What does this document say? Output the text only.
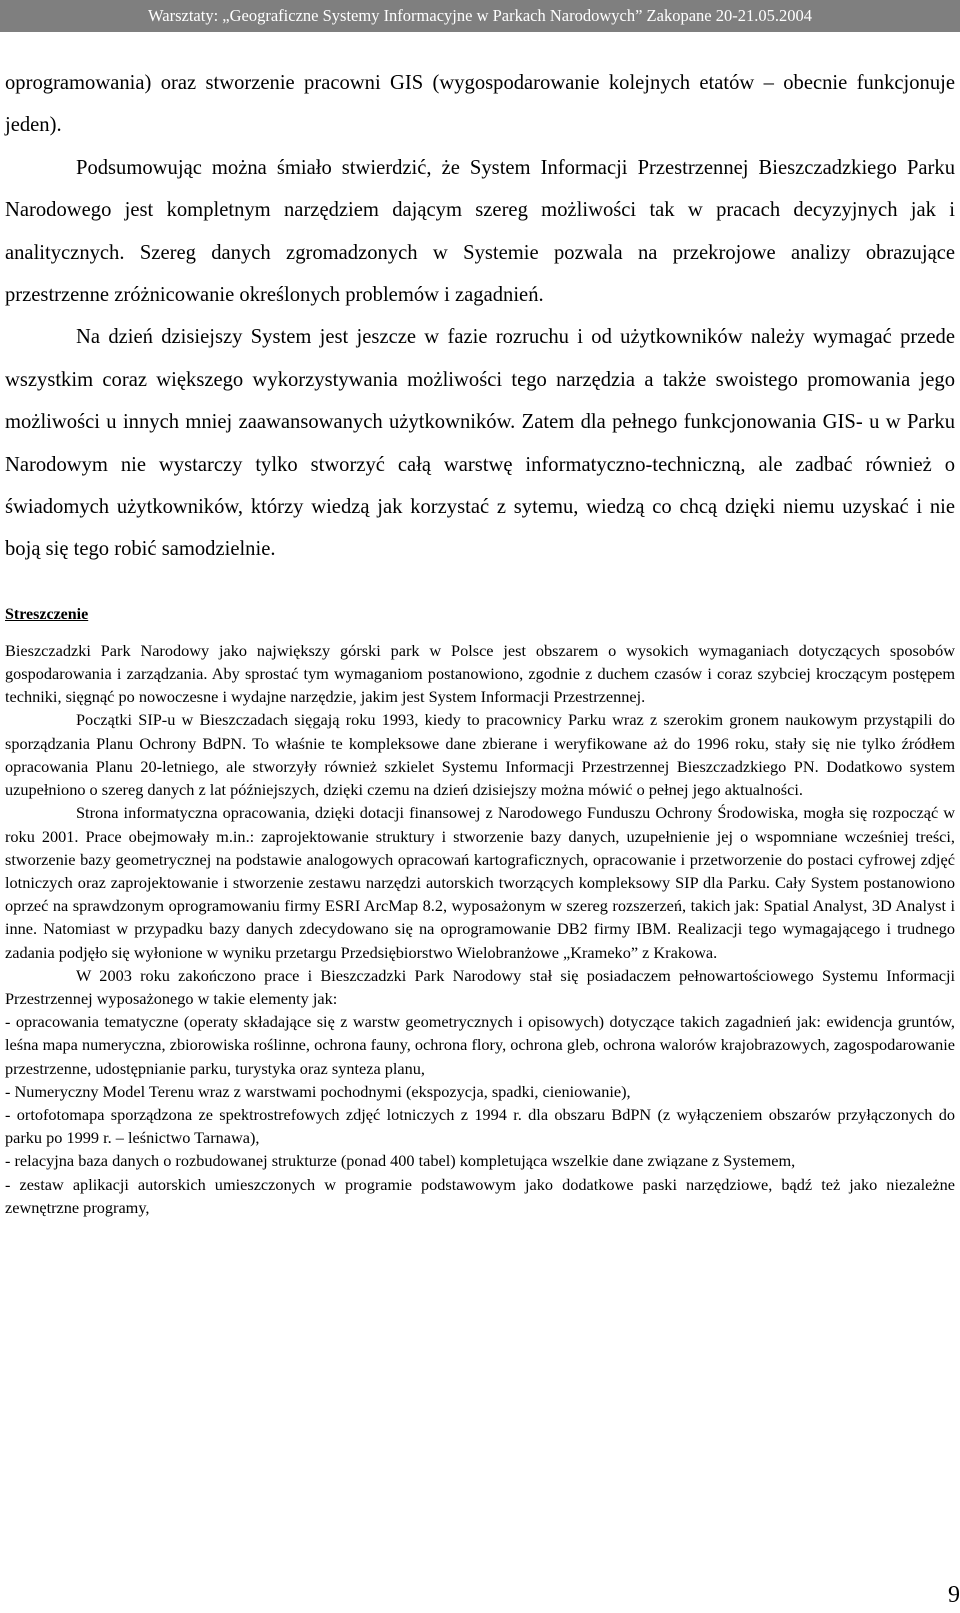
Warsztaty: „Geograficzne Systemy Informacyjne w Parkach Narodowych” Zakopane 20-21.05.2004

oprogramowania) oraz stworzenie pracowni GIS (wygospodarowanie kolejnych etatów – obecnie funkcjonuje jeden).

Podsumowując można śmiało stwierdzić, że System Informacji Przestrzennej Bieszczadzkiego Parku Narodowego jest kompletnym narzędziem dającym szereg możliwości tak w pracach decyzyjnych jak i analitycznych. Szereg danych zgromadzonych w Systemie pozwala na przekrojowe analizy obrazujące przestrzenne zróżnicowanie określonych problemów i zagadnień.

Na dzień dzisiejszy System jest jeszcze w fazie rozruchu i od użytkowników należy wymagać przede wszystkim coraz większego wykorzystywania możliwości tego narzędzia a także swoistego promowania jego możliwości u innych mniej zaawansowanych użytkowników. Zatem dla pełnego funkcjonowania GIS- u w Parku Narodowym nie wystarczy tylko stworzyć całą warstwę informatyczno-techniczną, ale zadbać również o świadomych użytkowników, którzy wiedzą jak korzystać z sytemu, wiedzą co chcą dzięki niemu uzyskać i nie boją się tego robić samodzielnie.

Streszczenie

Bieszczadzki Park Narodowy jako największy górski park w Polsce jest obszarem o wysokich wymaganiach dotyczących sposobów gospodarowania i zarządzania. Aby sprostać tym wymaganiom postanowiono, zgodnie z duchem czasów i coraz szybciej kroczącym postępem techniki, sięgnąć po nowoczesne i wydajne narzędzie, jakim jest System Informacji Przestrzennej.

Początki SIP-u w Bieszczadach sięgają roku 1993, kiedy to pracownicy Parku wraz z szerokim gronem naukowym przystąpili do sporządzania Planu Ochrony BdPN. To właśnie te kompleksowe dane zbierane i weryfikowane aż do 1996 roku, stały się nie tylko źródłem opracowania Planu 20-letniego, ale stworzyły również szkielet Systemu Informacji Przestrzennej Bieszczadzkiego PN. Dodatkowo system uzupełniono o szereg danych z lat późniejszych, dzięki czemu na dzień dzisiejszy można mówić o pełnej jego aktualności.

Strona informatyczna opracowania, dzięki dotacji finansowej z Narodowego Funduszu Ochrony Środowiska, mogła się rozpocząć w roku 2001. Prace obejmowały m.in.: zaprojektowanie struktury i stworzenie bazy danych, uzupełnienie jej o wspomniane wcześniej treści, stworzenie bazy geometrycznej na podstawie analogowych opracowań kartograficznych, opracowanie i przetworzenie do postaci cyfrowej zdjęć lotniczych oraz zaprojektowanie i stworzenie zestawu narzędzi autorskich tworzących kompleksowy SIP dla Parku. Cały System postanowiono oprzeć na sprawdzonym oprogramowaniu firmy ESRI ArcMap 8.2, wyposażonym w szereg rozszerzeń, takich jak: Spatial Analyst, 3D Analyst i inne. Natomiast w przypadku bazy danych zdecydowano się na oprogramowanie DB2 firmy IBM. Realizacji tego wymagającego i trudnego zadania podjęło się wyłonione w wyniku przetargu Przedsiębiorstwo Wielobranżowe „Krameko” z Krakowa.

W 2003 roku zakończono prace i Bieszczadzki Park Narodowy stał się posiadaczem pełnowartościowego Systemu Informacji Przestrzennej wyposażonego w takie elementy jak:

- opracowania tematyczne (operaty składające się z warstw geometrycznych i opisowych) dotyczące takich zagadnień jak: ewidencja gruntów, leśna mapa numeryczna, zbiorowiska roślinne, ochrona fauny, ochrona flory, ochrona gleb, ochrona walorów krajobrazowych, zagospodarowanie przestrzenne, udostępnianie parku, turystyka oraz synteza planu,

- Numeryczny Model Terenu wraz z warstwami pochodnymi (ekspozycja, spadki, cieniowanie),

- ortofotomapa sporządzona ze spektrostrefowych zdjęć lotniczych z 1994 r. dla obszaru BdPN (z wyłączeniem obszarów przyłączonych do parku po 1999 r. – leśnictwo Tarnawa),

- relacyjna baza danych o rozbudowanej strukturze (ponad 400 tabel) kompletująca wszelkie dane związane z Systemem,

- zestaw aplikacji autorskich umieszczonych w programie podstawowym jako dodatkowe paski narzędziowe, bądź też jako niezależne zewnętrzne programy,

9
